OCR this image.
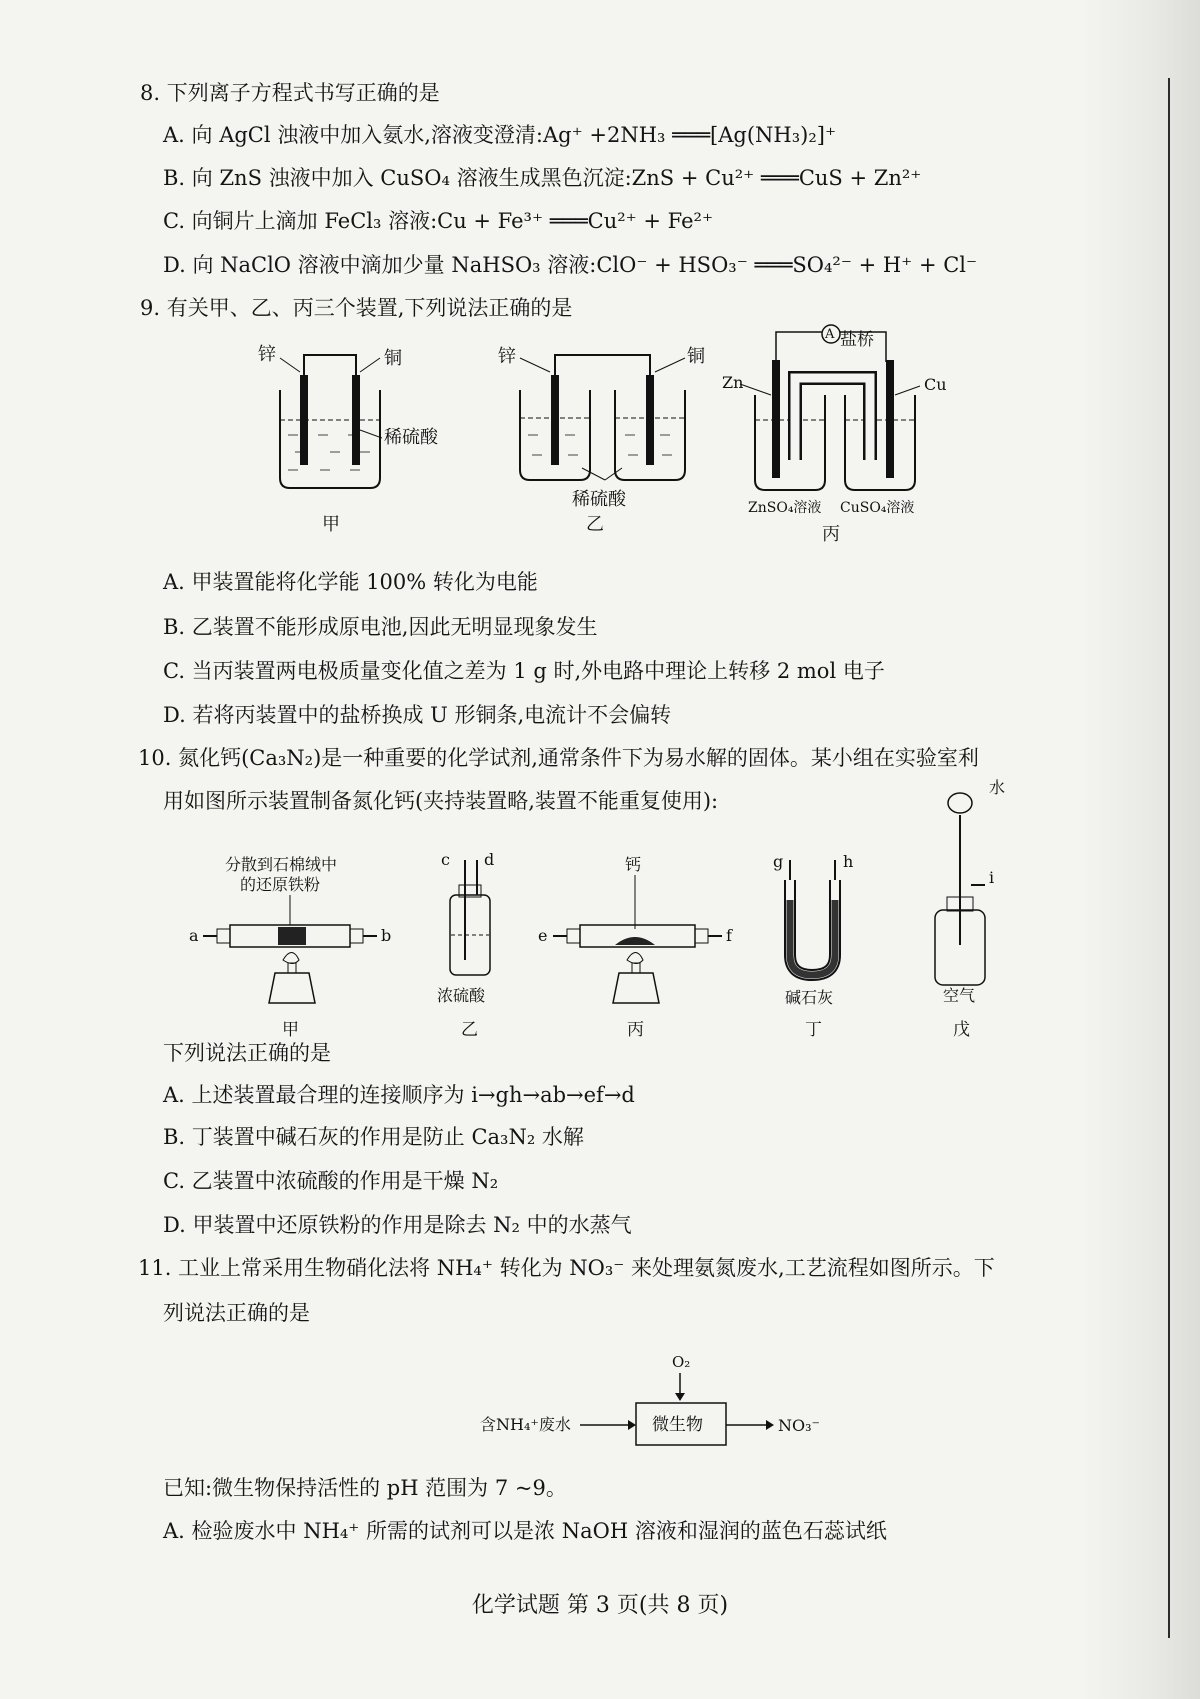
8. 下列离子方程式书写正确的是
A. 向 AgCl 浊液中加入氨水,溶液变澄清:Ag⁺ +2NH₃ ═══[Ag(NH₃)₂]⁺
B. 向 ZnS 浊液中加入 CuSO₄ 溶液生成黑色沉淀:ZnS + Cu²⁺ ═══CuS + Zn²⁺
C. 向铜片上滴加 FeCl₃ 溶液:Cu + Fe³⁺ ═══Cu²⁺ + Fe²⁺
D. 向 NaClO 溶液中滴加少量 NaHSO₃ 溶液:ClO⁻ + HSO₃⁻ ═══SO₄²⁻ + H⁺ + Cl⁻
9. 有关甲、乙、丙三个装置,下列说法正确的是
锌	铜
稀硫酸
甲
锌	铜
稀硫酸
乙
A 盐桥
Zn	Cu
ZnSO₄溶液 CuSO₄溶液
丙
A. 甲装置能将化学能 100% 转化为电能
B. 乙装置不能形成原电池,因此无明显现象发生
C. 当丙装置两电极质量变化值之差为 1 g 时,外电路中理论上转移 2 mol 电子
D. 若将丙装置中的盐桥换成 U 形铜条,电流计不会偏转
10. 氮化钙(Ca₃N₂)是一种重要的化学试剂,通常条件下为易水解的固体。某小组在实验室利
用如图所示装置制备氮化钙(夹持装置略,装置不能重复使用):
分散到石棉绒中
的还原铁粉
a	b
甲
c d
浓硫酸
乙
钙
e	f
丙
g	h
碱石灰
丁
水
i
空气
戊
下列说法正确的是
A. 上述装置最合理的连接顺序为 i→gh→ab→ef→d
B. 丁装置中碱石灰的作用是防止 Ca₃N₂ 水解
C. 乙装置中浓硫酸的作用是干燥 N₂
D. 甲装置中还原铁粉的作用是除去 N₂ 中的水蒸气
11. 工业上常采用生物硝化法将 NH₄⁺ 转化为 NO₃⁻ 来处理氨氮废水,工艺流程如图所示。下
列说法正确的是
O₂
含NH₄⁺废水	微生物	NO₃⁻
已知:微生物保持活性的 pH 范围为 7 ~9。
A. 检验废水中 NH₄⁺ 所需的试剂可以是浓 NaOH 溶液和湿润的蓝色石蕊试纸
化学试题 第 3 页(共 8 页)
